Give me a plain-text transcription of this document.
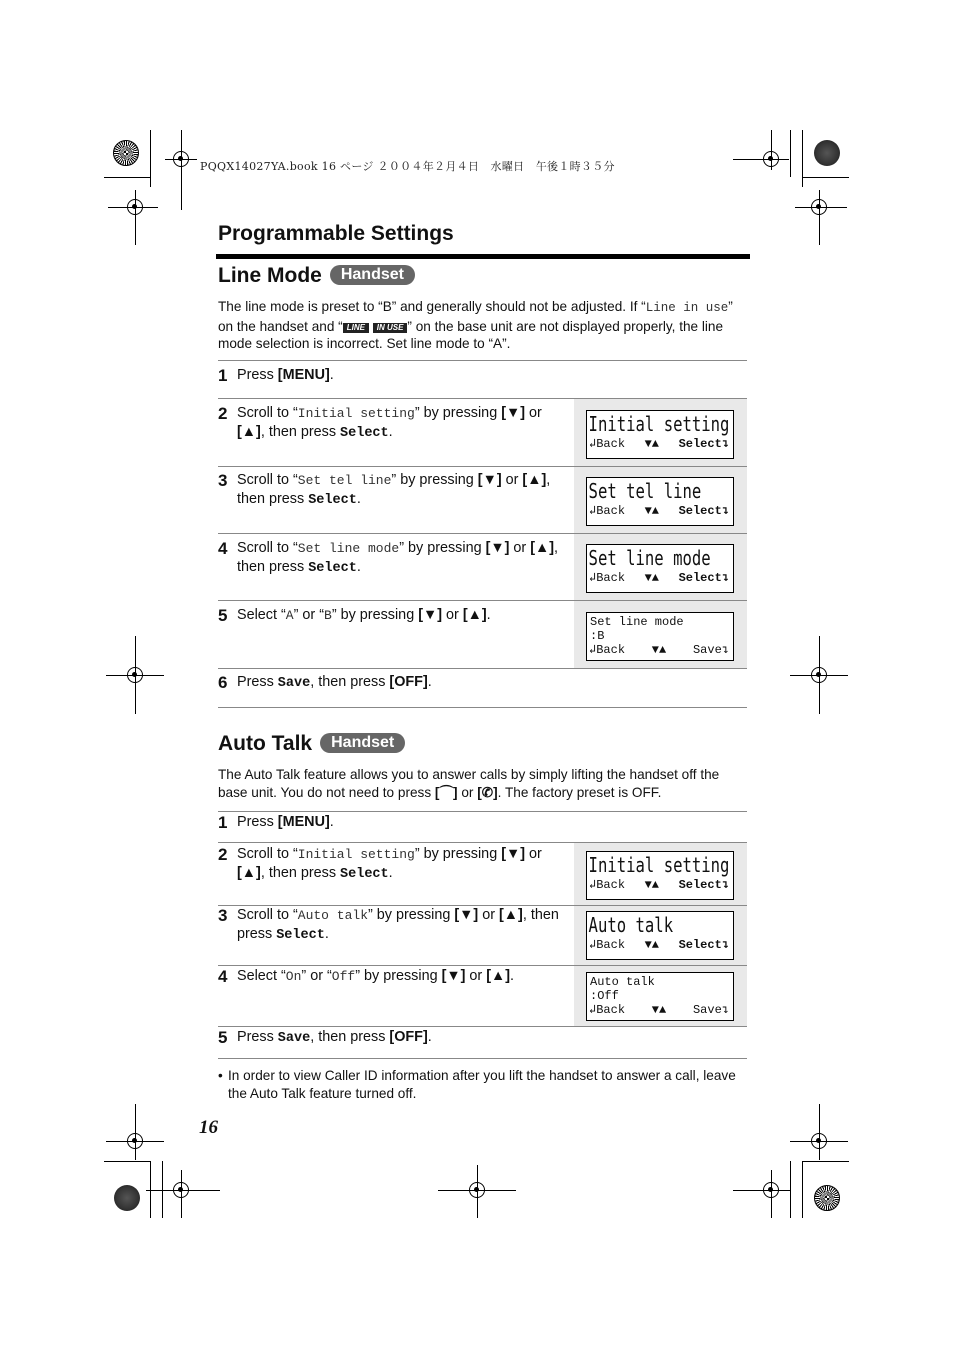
PQQX14027YA.book 16 ページ ２００４年２月４日　水曜日　午後１時３５分
Programmable Settings
Line Mode Handset
The line mode is preset to “B” and generally should not be adjusted. If “Line in use” on the handset and “ LINE IN USE ” on the base unit are not displayed properly, the line mode selection is incorrect. Set line mode to “A”.
1 Press [MENU].
2 Scroll to “Initial setting” by pressing [▼] or [▲], then press Select.	Initial setting
↲Back ▼▲ Select↴
3 Scroll to “Set tel line” by pressing [▼] or [▲], then press Select.	Set tel line
↲Back ▼▲ Select↴
4 Scroll to “Set line mode” by pressing [▼] or [▲], then press Select.	Set line mode
↲Back ▼▲ Select↴
5 Select “A” or “B” by pressing [▼] or [▲].	Set line mode
:B
↲Back ▼▲ Save↴
6 Press Save, then press [OFF].
Auto Talk Handset
The Auto Talk feature allows you to answer calls by simply lifting the handset off the base unit. You do not need to press [⌒] or [✆]. The factory preset is OFF.
1 Press [MENU].
2 Scroll to “Initial setting” by pressing [▼] or [▲], then press Select.	Initial setting
↲Back ▼▲ Select↴
3 Scroll to “Auto talk” by pressing [▼] or [▲], then press Select.	Auto talk
↲Back ▼▲ Select↴
4 Select “On” or “Off” by pressing [▼] or [▲].	Auto talk
:Off
↲Back ▼▲ Save↴
5 Press Save, then press [OFF].
• In order to view Caller ID information after you lift the handset to answer a call, leave the Auto Talk feature turned off.
16
